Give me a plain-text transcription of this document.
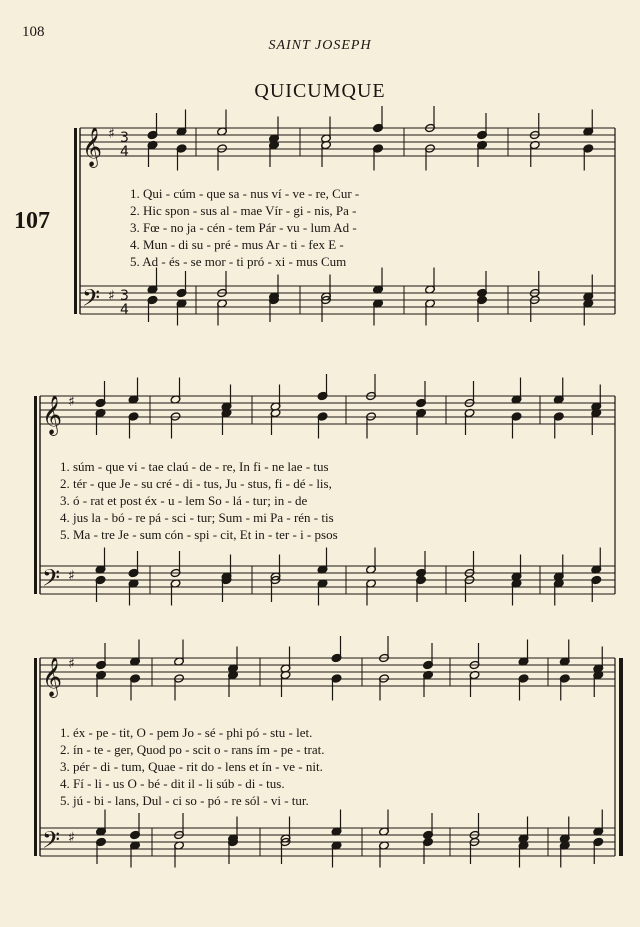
108
SAINT JOSEPH
QUICUMQUE
107
𝄞
𝄢
♯
♯
3
4
3
4
1. Qui - cúm - que sa - nus ví - ve - re, Cur -
2. Hic spon - sus al - mae Vír - gi - nis, Pa -
3. Fœ - no ja - cén - tem Pár - vu - lum Ad -
4. Mun - di su - pré - mus Ar - ti - fex E -
5. Ad - és - se mor - ti pró - xi - mus Cum
𝄞
𝄢
♯
♯
1. súm - que vi - tae claú - de - re, In fi - ne lae - tus
2. tér - que Je - su cré - di - tus, Ju - stus, fi - dé - lis,
3. ó - rat et post éx - u - lem So - lá - tur; in - de
4. jus la - bó - re pá - sci - tur; Sum - mi Pa - rén - tis
5. Ma - tre Je - sum cón - spi - cit, Et in - ter - i - psos
𝄞
𝄢
♯
♯
1. éx - pe - tit, O - pem Jo - sé - phi pó - stu - let.
2. ín - te - ger, Quod po - scit o - rans ím - pe - trat.
3. pér - di - tum, Quae - rit do - lens et ín - ve - nit.
4. Fí - li - us O - bé - dit il - li súb - di - tus.
5. jú - bi - lans, Dul - ci so - pó - re sól - vi - tur.
